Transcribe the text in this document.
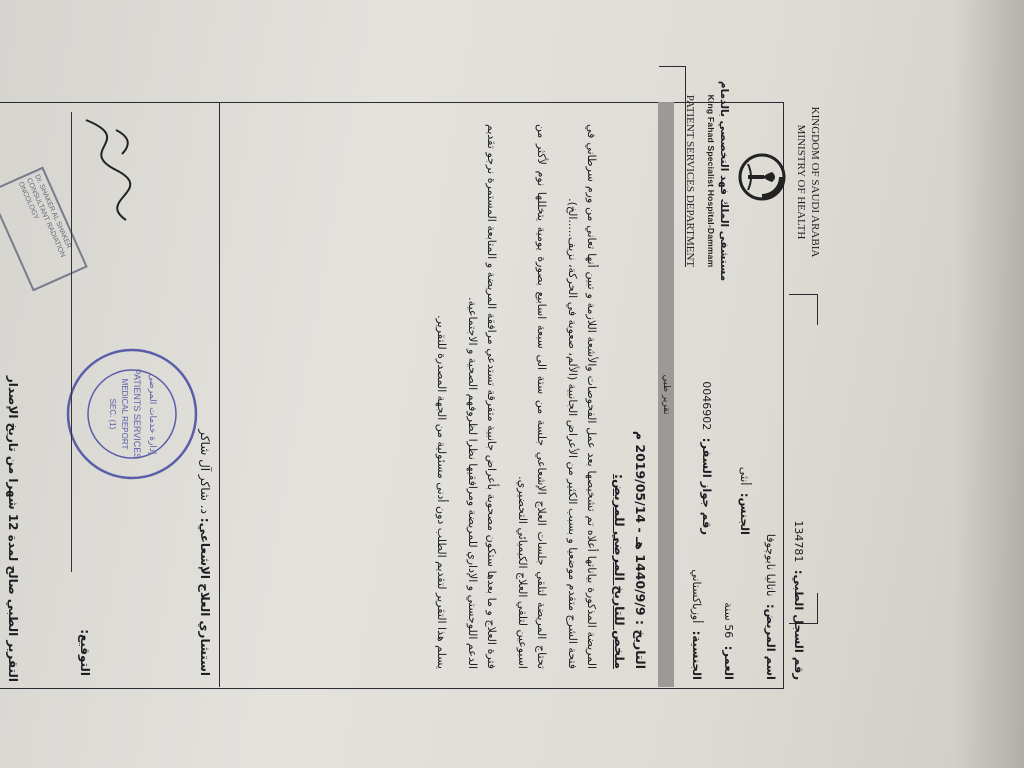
KINGDOM OF SAUDI ARABIA
MINISTRY OF HEALTH
مستشفى الملك فهد التخصصي بالدمام
King Fahad Specialist Hospital-Dammam
PATIENT SERVICES DEPARTMENT
رقم السجل الطبي: 134781
اسم المريض: ناتاليا نابوچوفا
الجنس: أنثى
العمر: 56 سنة
رقم جواز السفر: 0046902
الجنسية: أوزباكستاني
تقرير طبي
التاريخ : 1440/9/9 هـ - 2019/05/14 م
ملخص للتاريخ المرضي للمريض:

المريضة المذكورة بياناتها أعلاه تم تشخيصها بعد عمل الفحوصات والأشعة اللازمة و تبين أنها تعاني من ورم سرطاني في فتحة الشرج متقدم موضعيا و بسبب الكثير من الأعراض الجانبية (الألم، صعوبة في الحركة، نزيف.....الخ).

تحتاج المريضة لتلقي جلسات العلاج الإشعاعي جلسة من ستة الى سبعة اسابيع بصورة يومية يتخللها نوم لأكثر من اسبوعين لتلقي العلاج الكيميائي التحضيري.

فترة العلاج و ما بعدها ستكون مصحوبة بأعراض جانبية متفرقة تستدعي مرافقة المريضة و المتابعة المستمرة نرجو تقديم الدعم اللوجستي و الإداري للمريضة ومرافقيها نظرا لظروفهم الصحية و الاجتماعية.

يسلم هذا التقرير لتقديم الطلب دون أدنى مسئولية من الجهة المصدرة للتقرير.

استشاري العلاج الإشعاعي: د. شاكر آل شاكر
إدارة خدمات المرضى
PATIENTS SERVICES
MEDICAL REPORT
SEC. (1)
Dr. SHAKER AL SHAKER CONSULTANT RADIATION ONCOLOGY
التوقيع:
التقرير الطبي صالح لمدة 12 شهرا من تاريخ الإصدار
